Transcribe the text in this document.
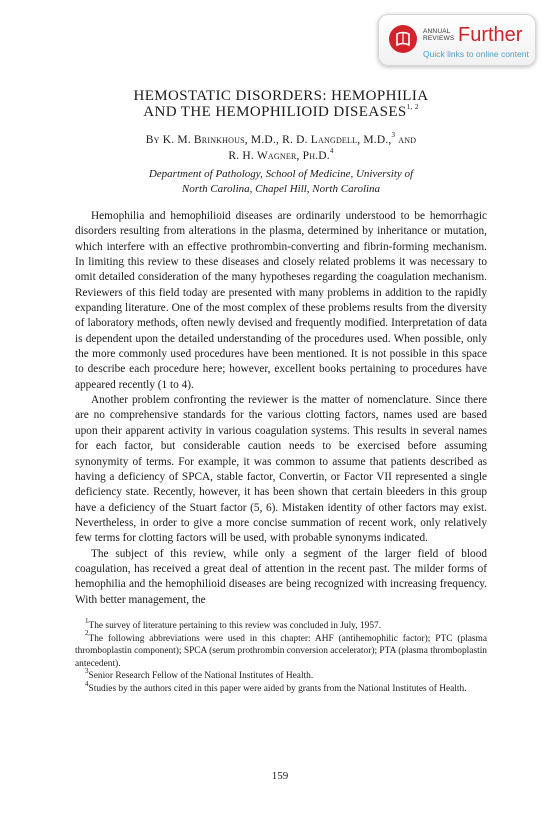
ANNUAL
REVIEWS Further
Quick links to online content
HEMOSTATIC DISORDERS: HEMOPHILIA
AND THE HEMOPHILIOID DISEASES$^{1, 2}$
By K. M. Brinkhous, M.D., R. D. Langdell, M.D.,$^3$ and
R. H. Wagner, Ph.D.$^4$
Department of Pathology, School of Medicine, University of
North Carolina, Chapel Hill, North Carolina

Hemophilia and hemophilioid diseases are ordinarily understood to be hemorrhagic disorders resulting from alterations in the plasma, determined by inheritance or mutation, which interfere with an effective prothrombin-converting and fibrin-forming mechanism. In limiting this review to these diseases and closely related problems it was necessary to omit detailed consideration of the many hypotheses regarding the coagulation mechanism. Reviewers of this field today are presented with many problems in addition to the rapidly expanding literature. One of the most complex of these problems results from the diversity of laboratory methods, often newly devised and frequently modified. Interpretation of data is dependent upon the detailed understanding of the procedures used. When possible, only the more commonly used procedures have been mentioned. It is not possible in this space to describe each procedure here; however, excellent books pertaining to procedures have appeared recently (1 to 4).

Another problem confronting the reviewer is the matter of nomenclature. Since there are no comprehensive standards for the various clotting factors, names used are based upon their apparent activity in various coagulation systems. This results in several names for each factor, but considerable caution needs to be exercised before assuming synonymity of terms. For example, it was common to assume that patients described as having a deficiency of SPCA, stable factor, Convertin, or Factor VII represented a single deficiency state. Recently, however, it has been shown that certain bleeders in this group have a deficiency of the Stuart factor (5, 6). Mistaken identity of other factors may exist. Nevertheless, in order to give a more concise summation of recent work, only relatively few terms for clotting factors will be used, with probable synonyms indicated.

The subject of this review, while only a segment of the larger field of blood coagulation, has received a great deal of attention in the recent past. The milder forms of hemophilia and the hemophilioid diseases are being recognized with increasing frequency. With better management, the

$^1$The survey of literature pertaining to this review was concluded in July, 1957.

$^2$The following abbreviations were used in this chapter: AHF (antihemophilic factor); PTC (plasma thromboplastin component); SPCA (serum prothrombin conversion accelerator); PTA (plasma thromboplastin antecedent).

$^3$Senior Research Fellow of the National Institutes of Health.

$^4$Studies by the authors cited in this paper were aided by grants from the National Institutes of Health.

159
